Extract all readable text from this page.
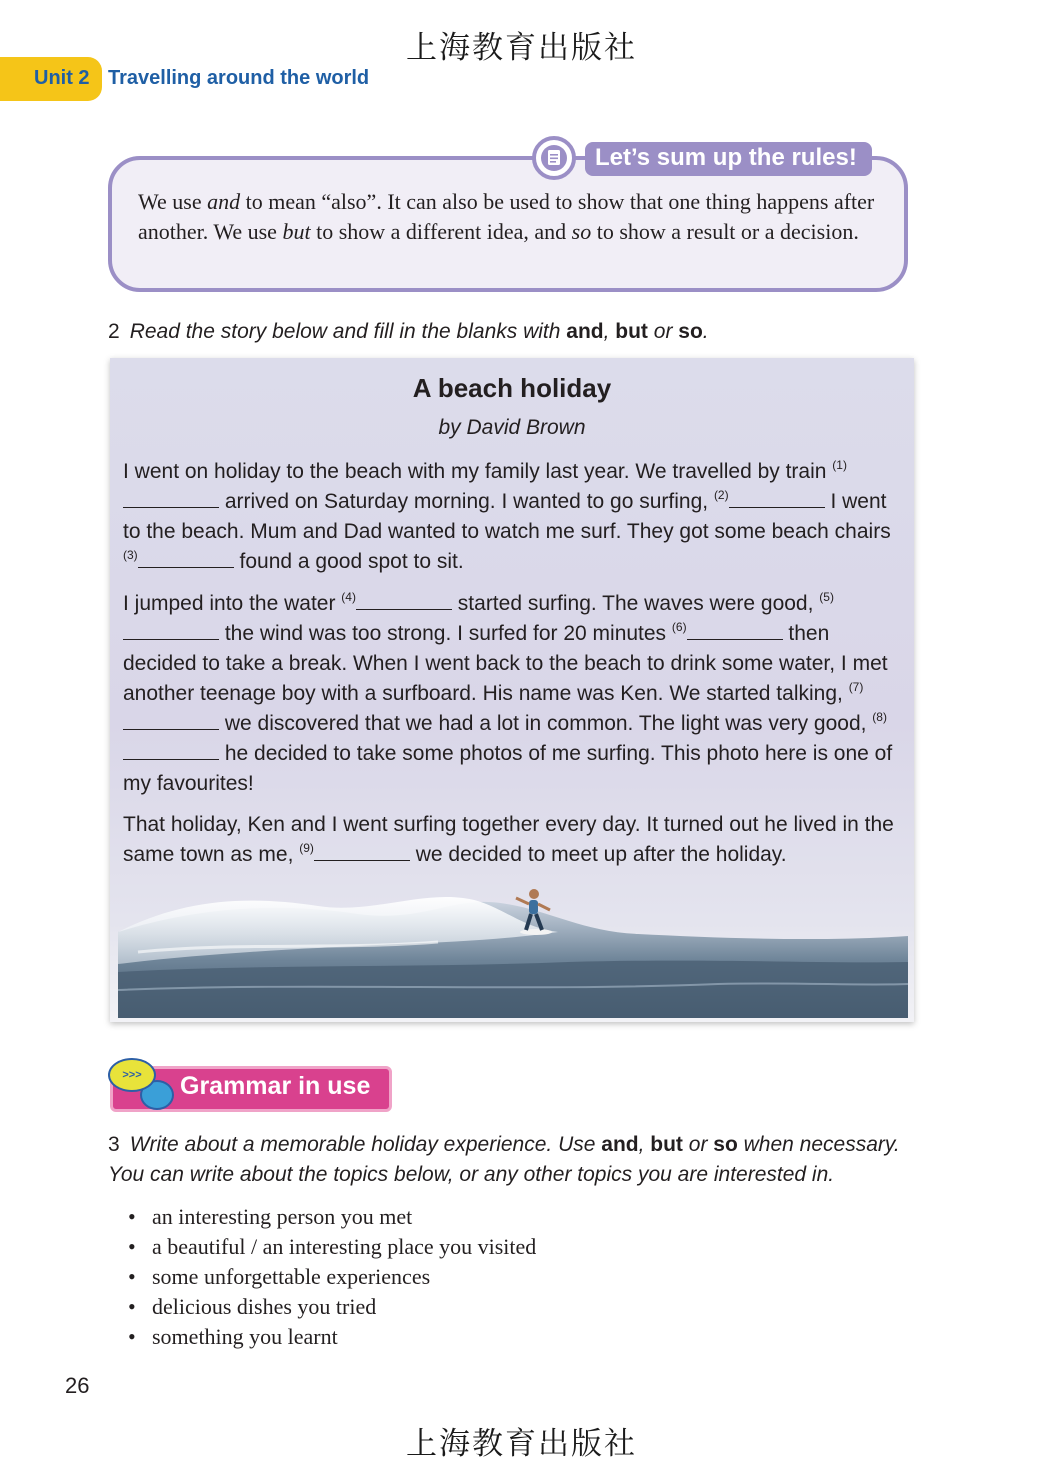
上海教育出版社
Unit 2 Travelling around the world
Let’s sum up the rules!
We use and to mean “also”. It can also be used to show that one thing happens after another. We use but to show a different idea, and so to show a result or a decision.
2 Read the story below and fill in the blanks with and, but or so.
A beach holiday
by David Brown
I went on holiday to the beach with my family last year. We travelled by train $^{(1)}$ arrived on Saturday morning. I wanted to go surfing, $^{(2)}$	I went to the beach. Mum and Dad wanted to watch me surf. They got some beach chairs $^{(3)}$	found a good spot to sit.
I jumped into the water $^{(4)}$	started surfing. The waves were good, $^{(5)}$ the wind was too strong. I surfed for 20 minutes $^{(6)}$	then decided to take a break. When I went back to the beach to drink some water, I met another teenage boy with a surfboard. His name was Ken. We started talking, $^{(7)}$ we discovered that we had a lot in common. The light was very good, $^{(8)}$ he decided to take some photos of me surfing. This photo here is one of my favourites!
That holiday, Ken and I went surfing together every day. It turned out he lived in the same town as me, $^{(9)}$	we decided to meet up after the holiday.
>>>	Grammar in use
3 Write about a memorable holiday experience. Use and, but or so when necessary. You can write about the topics below, or any other topics you are interested in.
• an interesting person you met
• a beautiful / an interesting place you visited
• some unforgettable experiences
• delicious dishes you tried
• something you learnt
26
上海教育出版社
